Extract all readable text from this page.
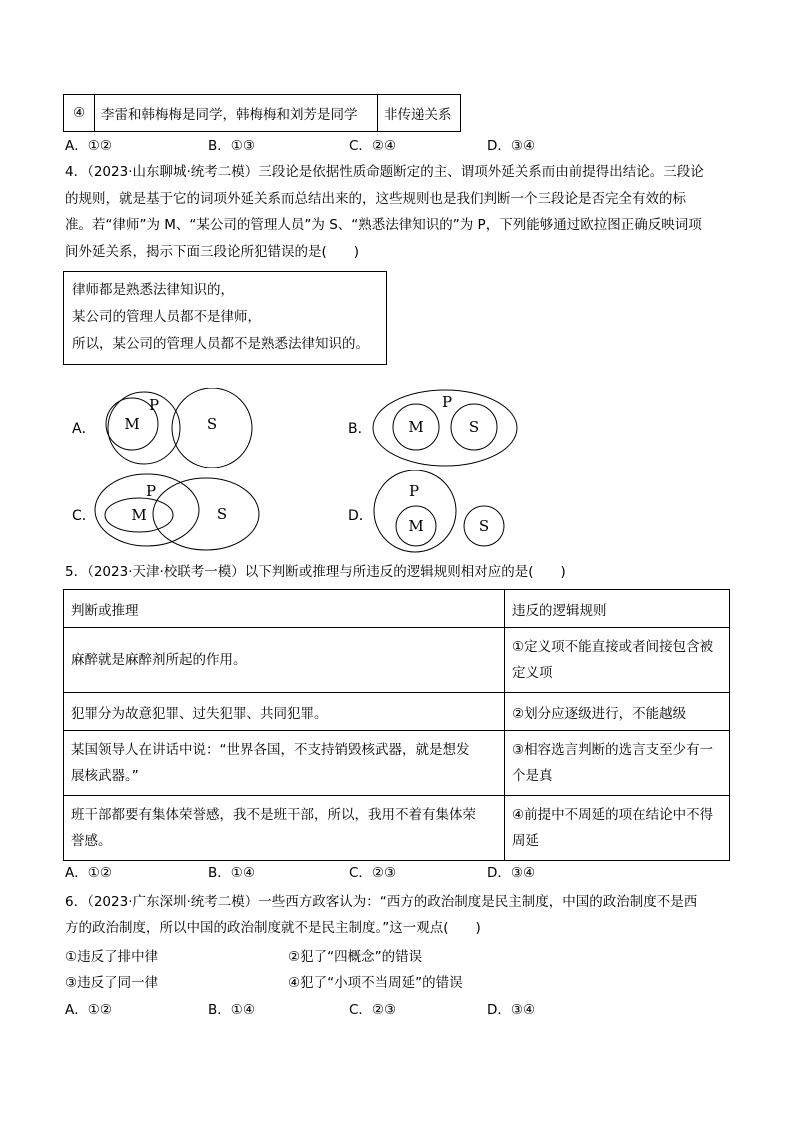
④	李雷和韩梅梅是同学，韩梅梅和刘芳是同学	非传递关系
A．①②	B．①③	C．②④	D．③④
4．（2023·山东聊城·统考二模）三段论是依据性质命题断定的主、谓项外延关系而由前提得出结论。三段论
的规则，就是基于它的词项外延关系而总结出来的，这些规则也是我们判断一个三段论是否完全有效的标
准。若“律师”为 M、“某公司的管理人员”为 S、“熟悉法律知识的”为 P，下列能够通过欧拉图正确反映词项
间外延关系，揭示下面三段论所犯错误的是(　　)
律师都是熟悉法律知识的，
某公司的管理人员都不是律师，
所以，某公司的管理人员都不是熟悉法律知识的。
A． M
P
S	B． M
P
S
C． M
P
S	D．
M
P
S
5．（2023·天津·校联考一模）以下判断或推理与所违反的逻辑规则相对应的是(　　)
判断或推理	违反的逻辑规则
麻醉就是麻醉剂所起的作用。	①定义项不能直接或者间接包含被
定义项
犯罪分为故意犯罪、过失犯罪、共同犯罪。	②划分应逐级进行，不能越级
某国领导人在讲话中说：“世界各国，不支持销毁核武器，就是想发
展核武器。”	③相容选言判断的选言支至少有一
个是真
班干部都要有集体荣誉感，我不是班干部，所以，我用不着有集体荣
誉感。	④前提中不周延的项在结论中不得
周延
A．①②	B．①④	C．②③	D．③④
6．（2023·广东深圳·统考二模）一些西方政客认为：“西方的政治制度是民主制度，中国的政治制度不是西
方的政治制度，所以中国的政治制度就不是民主制度。”这一观点(　　)
①违反了排中律	②犯了“四概念”的错误
③违反了同一律	④犯了“小项不当周延”的错误
A．①②	B．①④	C．②③	D．③④
